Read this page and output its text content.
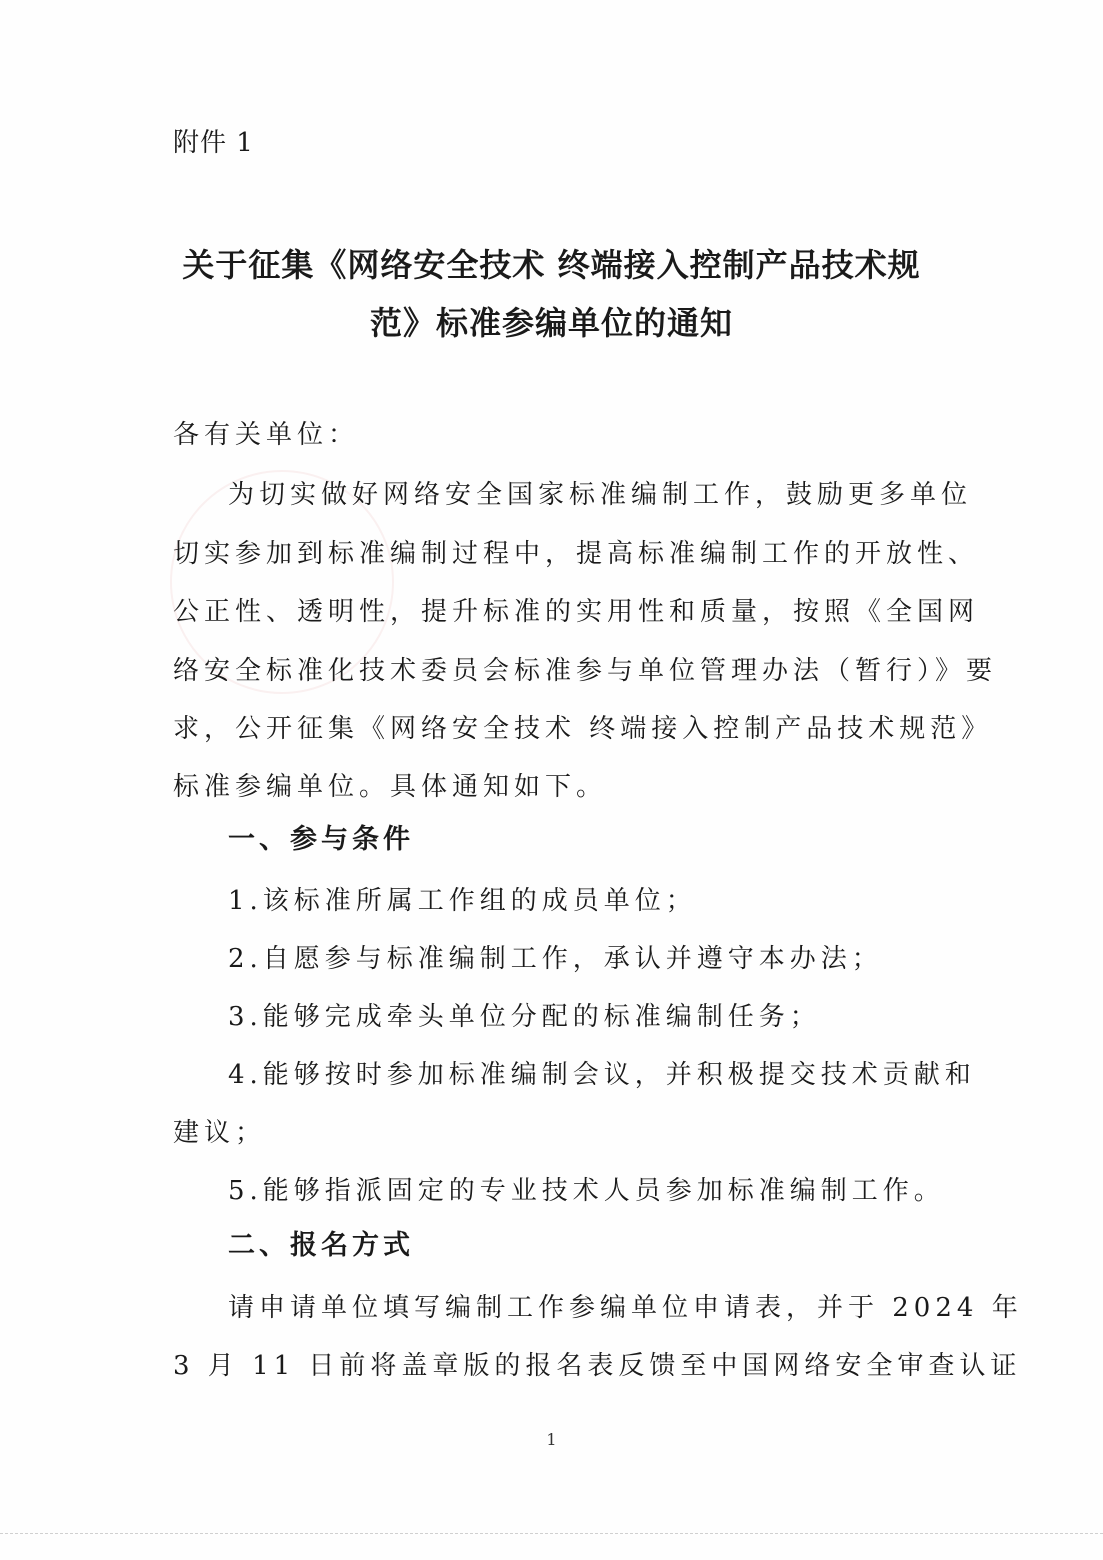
附件 1
关于征集《网络安全技术 终端接入控制产品技术规
范》标准参编单位的通知
各有关单位：
为切实做好网络安全国家标准编制工作，鼓励更多单位
切实参加到标准编制过程中，提高标准编制工作的开放性、
公正性、透明性，提升标准的实用性和质量，按照《全国网
络安全标准化技术委员会标准参与单位管理办法（暂行）》要
求，公开征集《网络安全技术 终端接入控制产品技术规范》
标准参编单位。具体通知如下。
一、参与条件
1.该标准所属工作组的成员单位；
2.自愿参与标准编制工作，承认并遵守本办法；
3.能够完成牵头单位分配的标准编制任务；
4.能够按时参加标准编制会议，并积极提交技术贡献和
建议；
5.能够指派固定的专业技术人员参加标准编制工作。
二、报名方式
请申请单位填写编制工作参编单位申请表，并于 2024 年
3 月 11 日前将盖章版的报名表反馈至中国网络安全审查认证
1
